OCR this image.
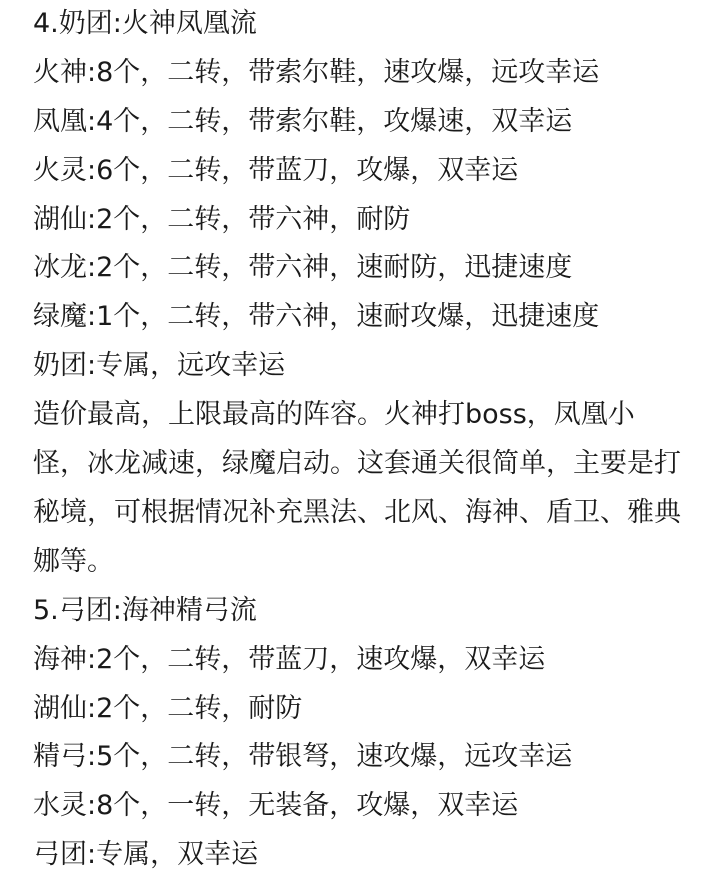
4.奶团:火神凤凰流
火神:8个，二转，带索尔鞋，速攻爆，远攻幸运
凤凰:4个，二转，带索尔鞋，攻爆速，双幸运
火灵:6个，二转，带蓝刀，攻爆，双幸运
湖仙:2个，二转，带六神，耐防
冰龙:2个，二转，带六神，速耐防，迅捷速度
绿魔:1个，二转，带六神，速耐攻爆，迅捷速度
奶团:专属，远攻幸运
造价最高，上限最高的阵容。火神打boss，凤凰小怪，冰龙减速，绿魔启动。这套通关很简单，主要是打秘境，可根据情况补充黑法、北风、海神、盾卫、雅典娜等。
5.弓团:海神精弓流
海神:2个，二转，带蓝刀，速攻爆，双幸运
湖仙:2个，二转，耐防
精弓:5个，二转，带银弩，速攻爆，远攻幸运
水灵:8个，一转，无装备，攻爆，双幸运
弓团:专属，双幸运
